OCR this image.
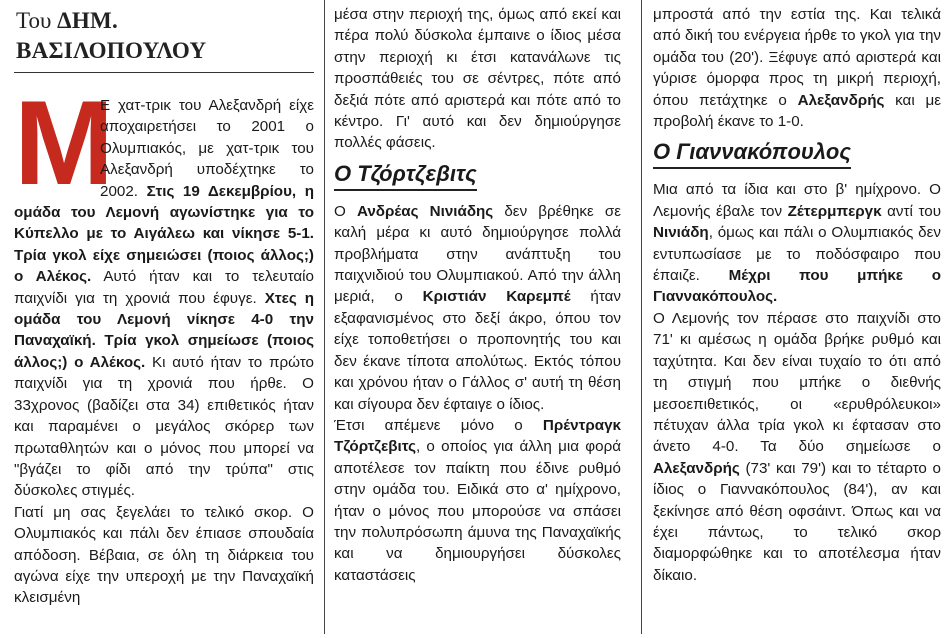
Του ΔΗΜ. ΒΑΣΙΛΟΠΟΥΛΟΥ

Μ
Ε χατ-τρικ του Αλεξανδρή είχε αποχαιρετήσει το 2001 ο Ολυμπιακός, με χατ-τρικ του Αλεξανδρή υποδέχτηκε το 2002. Στις 19 Δεκεμβρίου, η ομάδα του Λεμονή αγωνίστηκε για το Κύπελλο με το Αιγάλεω και νίκησε 5-1. Τρία γκολ είχε σημειώσει (ποιος άλλος;) ο Αλέκος. Αυτό ήταν και το τελευταίο παιχνίδι για τη χρονιά που έφυγε. Χτες η ομάδα του Λεμονή νίκησε 4-0 την Παναχαϊκή. Τρία γκολ σημείωσε (ποιος άλλος;) ο Αλέκος. Κι αυτό ήταν το πρώτο παιχνίδι για τη χρονιά που ήρθε. Ο 33χρονος (βαδίζει στα 34) επιθετικός ήταν και παραμένει ο μεγάλος σκόρερ των πρωταθλητών και ο μόνος που μπορεί να "βγάζει το φίδι από την τρύπα" στις δύσκολες στιγμές.

Γιατί μη σας ξεγελάει το τελικό σκορ. Ο Ολυμπιακός και πάλι δεν έπιασε σπουδαία απόδοση. Βέβαια, σε όλη τη διάρκεια του αγώνα είχε την υπεροχή με την Παναχαϊκή κλεισμένη

μέσα στην περιοχή της, όμως από εκεί και πέρα πολύ δύσκολα έμπαινε ο ίδιος μέσα στην περιοχή κι έτσι κατανάλωνε τις προσπάθειές του σε σέντρες, πότε από δεξιά πότε από αριστερά και πότε από το κέντρο. Γι' αυτό και δεν δημιούργησε πολλές φάσεις.

Ο Τζόρτζεβιτς

Ο Ανδρέας Νινιάδης δεν βρέθηκε σε καλή μέρα κι αυτό δημιούργησε πολλά προβλήματα στην ανάπτυξη του παιχνιδιού του Ολυμπιακού. Από την άλλη μεριά, ο Κριστιάν Καρεμπέ ήταν εξαφανισμένος στο δεξί άκρο, όπου τον είχε τοποθετήσει ο προπονητής του και δεν έκανε τίποτα απολύτως. Εκτός τόπου και χρόνου ήταν ο Γάλλος σ' αυτή τη θέση και σίγουρα δεν έφταιγε ο ίδιος.

Έτσι απέμενε μόνο ο Πρέντραγκ Τζόρτζεβιτς, ο οποίος για άλλη μια φορά αποτέλεσε τον παίκτη που έδινε ρυθμό στην ομάδα του. Ειδικά στο α' ημίχρονο, ήταν ο μόνος που μπορούσε να σπάσει την πολυπρόσωπη άμυνα της Παναχαϊκής και να δημιουργήσει δύσκολες καταστάσεις

μπροστά από την εστία της. Και τελικά από δική του ενέργεια ήρθε το γκολ για την ομάδα του (20'). Ξέφυγε από αριστερά και γύρισε όμορφα προς τη μικρή περιοχή, όπου πετάχτηκε ο Αλεξανδρής και με προβολή έκανε το 1-0.

Ο Γιαννακόπουλος

Μια από τα ίδια και στο β' ημίχρονο. Ο Λεμονής έβαλε τον Ζέτερμπεργκ αντί του Νινιάδη, όμως και πάλι ο Ολυμπιακός δεν εντυπωσίασε με το ποδόσφαιρο που έπαιζε. Μέχρι που μπήκε ο Γιαννακόπουλος.

Ο Λεμονής τον πέρασε στο παιχνίδι στο 71' κι αμέσως η ομάδα βρήκε ρυθμό και ταχύτητα. Και δεν είναι τυχαίο το ότι από τη στιγμή που μπήκε ο διεθνής μεσοεπιθετικός, οι «ερυθρόλευκοι» πέτυχαν άλλα τρία γκολ κι έφτασαν στο άνετο 4-0. Τα δύο σημείωσε ο Αλεξανδρής (73' και 79') και το τέταρτο ο ίδιος ο Γιαννακόπουλος (84'), αν και ξεκίνησε από θέση οφσάιντ. Όπως και να έχει πάντως, το τελικό σκορ διαμορφώθηκε και το αποτέλεσμα ήταν δίκαιο.
